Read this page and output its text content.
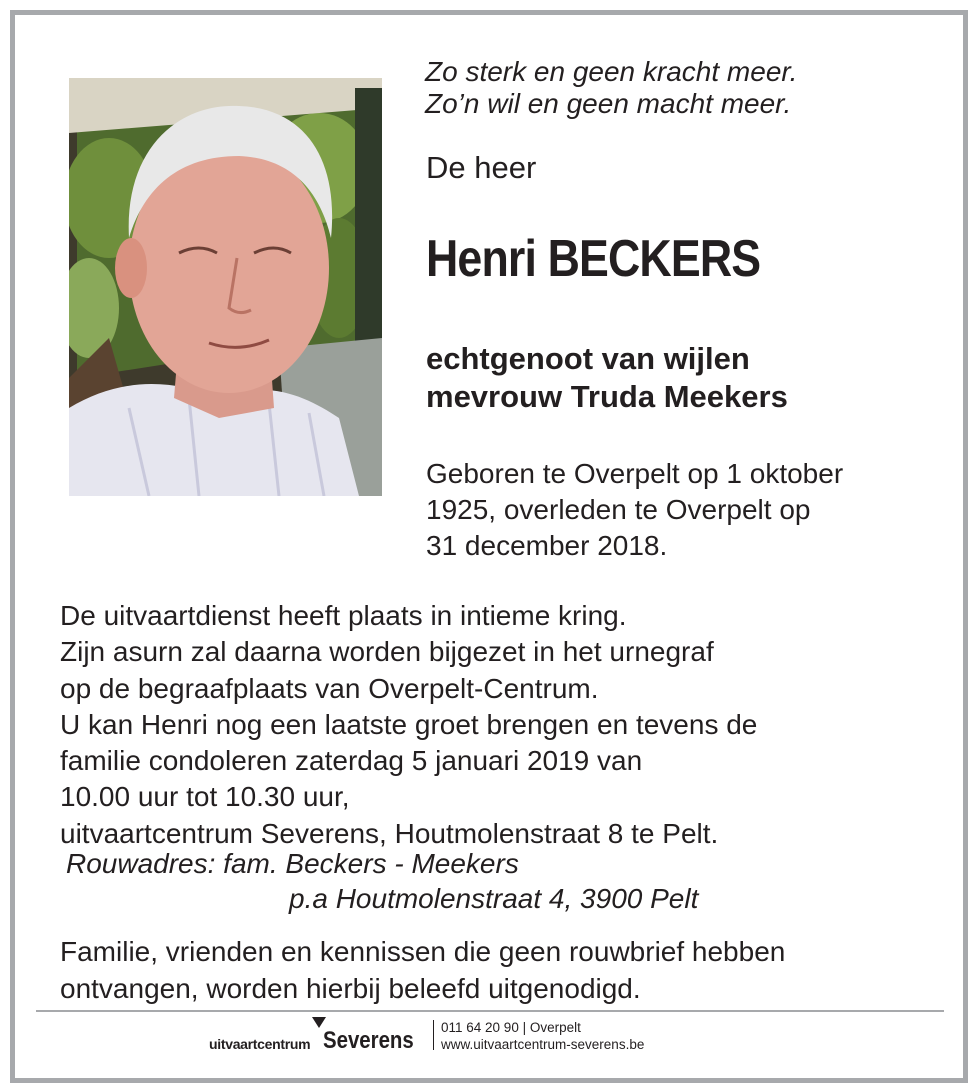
Zo sterk en geen kracht meer.
Zo’n wil en geen macht meer.
De heer
Henri BECKERS
echtgenoot van wijlen
mevrouw Truda Meekers
Geboren te Overpelt op 1 oktober
1925, overleden te Overpelt op
31 december 2018.
De uitvaartdienst heeft plaats in intieme kring.
Zijn asurn zal daarna worden bijgezet in het urnegraf
op de begraafplaats van Overpelt-Centrum.
U kan Henri nog een laatste groet brengen en tevens de
familie condoleren zaterdag 5 januari 2019 van
10.00 uur tot 10.30 uur,
uitvaartcentrum Severens, Houtmolenstraat 8 te Pelt.
Rouwadres: fam. Beckers - Meekers
p.a Houtmolenstraat 4, 3900 Pelt
Familie, vrienden en kennissen die geen rouwbrief hebben
ontvangen, worden hierbij beleefd uitgenodigd.
uitvaartcentrum Severens 011 64 20 90 | Overpelt
www.uitvaartcentrum-severens.be
